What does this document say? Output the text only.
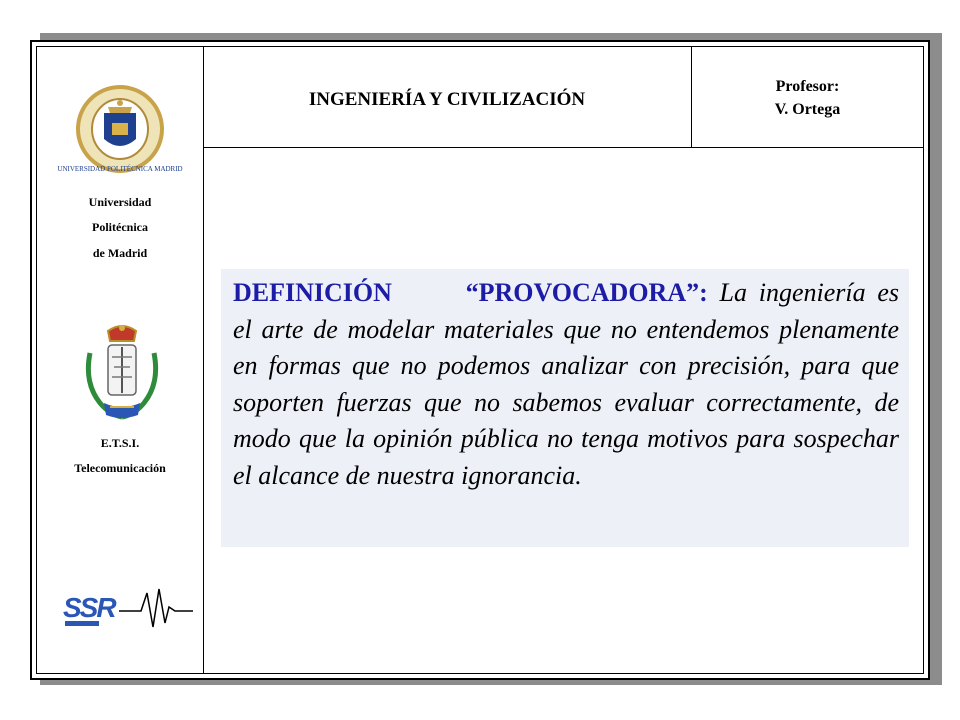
INGENIERÍA Y CIVILIZACIÓN
Profesor:
V. Ortega
UNIVERSIDAD POLITÉCNICA MADRID
Universidad
Politécnica
de Madrid
E.T.S.I.
Telecomunicación
SSR
DEFINICIÓN “PROVOCADORA”: La ingeniería es el arte de modelar materiales que no entendemos plenamente en formas que no podemos analizar con precisión, para que soporten fuerzas que no sabemos evaluar correctamente, de modo que la opinión pública no tenga motivos para sospechar el alcance de nuestra ignorancia.
